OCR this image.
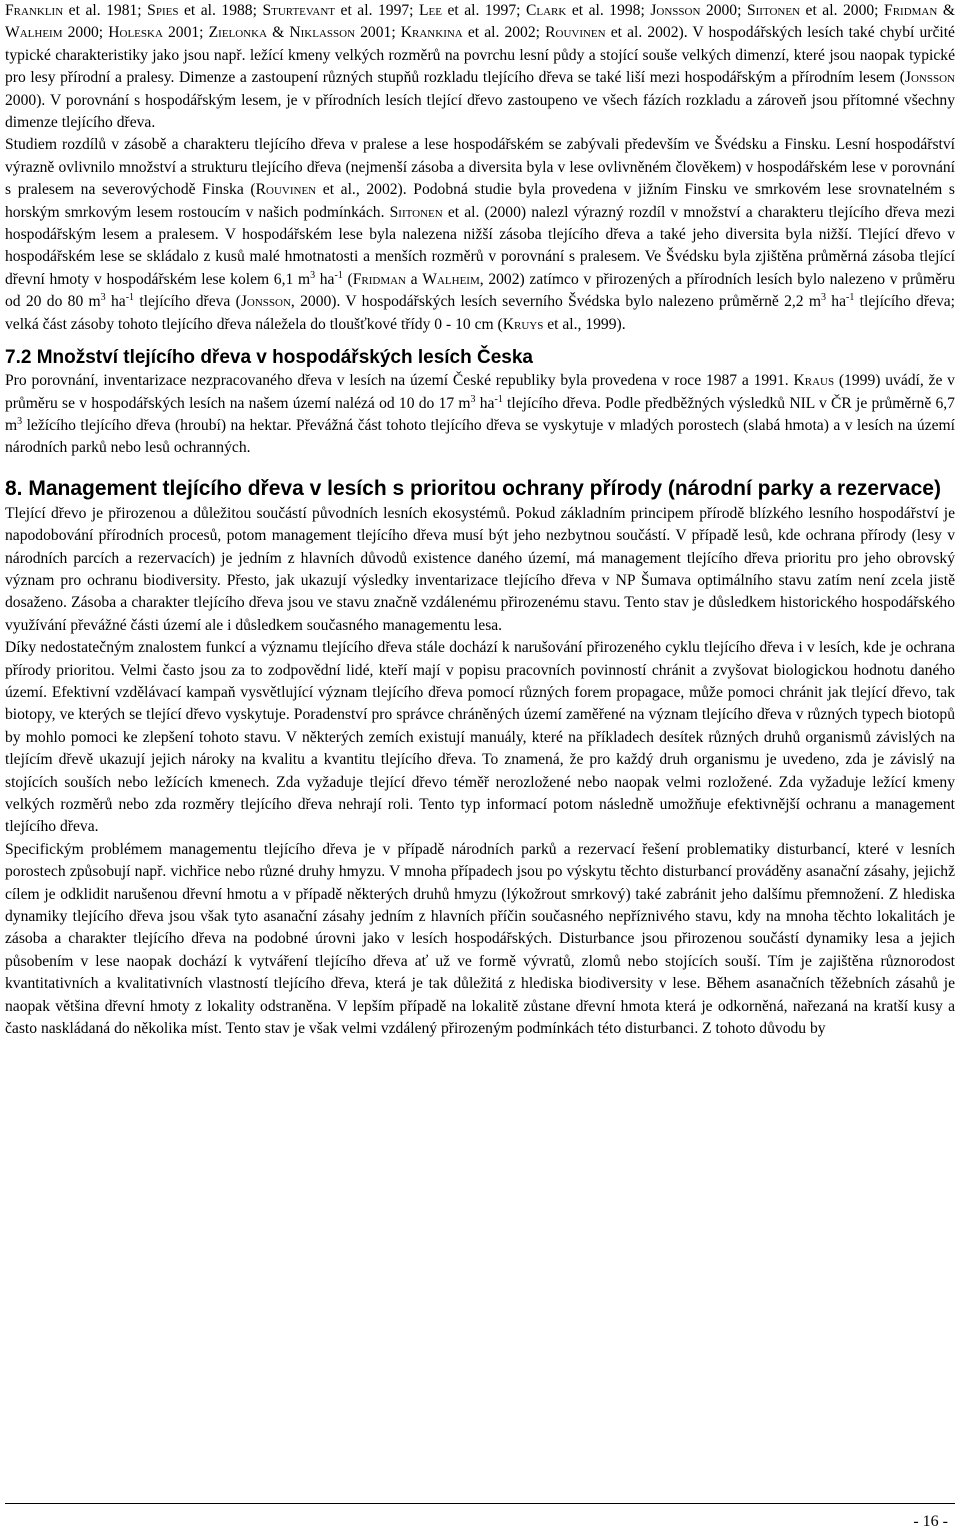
Franklin et al. 1981; Spies et al. 1988; Sturtevant et al. 1997; Lee et al. 1997; Clark et al. 1998; Jonsson 2000; Siitonen et al. 2000; Fridman & Walheim 2000; Holeska 2001; Zielonka & Niklasson 2001; Krankina et al. 2002; Rouvinen et al. 2002). V hospodářských lesích také chybí určité typické charakteristiky jako jsou např. ležící kmeny velkých rozměrů na povrchu lesní půdy a stojící souše velkých dimenzí, které jsou naopak typické pro lesy přírodní a pralesy. Dimenze a zastoupení různých stupňů rozkladu tlejícího dřeva se také liší mezi hospodářským a přírodním lesem (Jonsson 2000). V porovnání s hospodářským lesem, je v přírodních lesích tlející dřevo zastoupeno ve všech fázích rozkladu a zároveň jsou přítomné všechny dimenze tlejícího dřeva.

Studiem rozdílů v zásobě a charakteru tlejícího dřeva v pralese a lese hospodářském se zabývali především ve Švédsku a Finsku. Lesní hospodářství výrazně ovlivnilo množství a strukturu tlejícího dřeva (nejmenší zásoba a diversita byla v lese ovlivněném člověkem) v hospodářském lese v porovnání s pralesem na severovýchodě Finska (Rouvinen et al., 2002). Podobná studie byla provedena v jižním Finsku ve smrkovém lese srovnatelném s horským smrkovým lesem rostoucím v našich podmínkách. Siitonen et al. (2000) nalezl výrazný rozdíl v množství a charakteru tlejícího dřeva mezi hospodářským lesem a pralesem. V hospodářském lese byla nalezena nižší zásoba tlejícího dřeva a také jeho diversita byla nižší. Tlející dřevo v hospodářském lese se skládalo z kusů malé hmotnatosti a menších rozměrů v porovnání s pralesem. Ve Švédsku byla zjištěna průměrná zásoba tlející dřevní hmoty v hospodářském lese kolem 6,1 $m^3$ $ha^{-1}$ (Fridman a Walheim, 2002) zatímco v přirozených a přírodních lesích bylo nalezeno v průměru od 20 do 80 $m^3$ $ha^{-1}$ tlejícího dřeva (Jonsson, 2000). V hospodářských lesích severního Švédska bylo nalezeno průměrně 2,2 $m^3$ $ha^{-1}$ tlejícího dřeva; velká část zásoby tohoto tlejícího dřeva náležela do tloušťkové třídy 0 - 10 cm (Kruys et al., 1999).

7.2 Množství tlejícího dřeva v hospodářských lesích Česka

Pro porovnání, inventarizace nezpracovaného dřeva v lesích na území České republiky byla provedena v roce 1987 a 1991. Kraus (1999) uvádí, že v průměru se v hospodářských lesích na našem území nalézá od 10 do 17 $m^3$ $ha^{-1}$ tlejícího dřeva. Podle předběžných výsledků NIL v ČR je průměrně 6,7 $m^3$ ležícího tlejícího dřeva (hroubí) na hektar. Převážná část tohoto tlejícího dřeva se vyskytuje v mladých porostech (slabá hmota) a v lesích na území národních parků nebo lesů ochranných.

8. Management tlejícího dřeva v lesích s prioritou ochrany přírody (národní parky a rezervace)

Tlející dřevo je přirozenou a důležitou součástí původních lesních ekosystémů. Pokud základním principem přírodě blízkého lesního hospodářství je napodobování přírodních procesů, potom management tlejícího dřeva musí být jeho nezbytnou součástí. V případě lesů, kde ochrana přírody (lesy v národních parcích a rezervacích) je jedním z hlavních důvodů existence daného území, má management tlejícího dřeva prioritu pro jeho obrovský význam pro ochranu biodiversity. Přesto, jak ukazují výsledky inventarizace tlejícího dřeva v NP Šumava optimálního stavu zatím není zcela jistě dosaženo. Zásoba a charakter tlejícího dřeva jsou ve stavu značně vzdálenému přirozenému stavu. Tento stav je důsledkem historického hospodářského využívání převážné části území ale i důsledkem současného managementu lesa.

Díky nedostatečným znalostem funkcí a významu tlejícího dřeva stále dochází k narušování přirozeného cyklu tlejícího dřeva i v lesích, kde je ochrana přírody prioritou. Velmi často jsou za to zodpovědní lidé, kteří mají v popisu pracovních povinností chránit a zvyšovat biologickou hodnotu daného území. Efektivní vzdělávací kampaň vysvětlující význam tlejícího dřeva pomocí různých forem propagace, může pomoci chránit jak tlející dřevo, tak biotopy, ve kterých se tlející dřevo vyskytuje. Poradenství pro správce chráněných území zaměřené na význam tlejícího dřeva v různých typech biotopů by mohlo pomoci ke zlepšení tohoto stavu. V některých zemích existují manuály, které na příkladech desítek různých druhů organismů závislých na tlejícím dřevě ukazují jejich nároky na kvalitu a kvantitu tlejícího dřeva. To znamená, že pro každý druh organismu je uvedeno, zda je závislý na stojících souších nebo ležících kmenech. Zda vyžaduje tlející dřevo téměř nerozložené nebo naopak velmi rozložené. Zda vyžaduje ležící kmeny velkých rozměrů nebo zda rozměry tlejícího dřeva nehrají roli. Tento typ informací potom následně umožňuje efektivnější ochranu a management tlejícího dřeva.

Specifickým problémem managementu tlejícího dřeva je v případě národních parků a rezervací řešení problematiky disturbancí, které v lesních porostech způsobují např. vichřice nebo různé druhy hmyzu. V mnoha případech jsou po výskytu těchto disturbancí prováděny asanační zásahy, jejichž cílem je odklidit narušenou dřevní hmotu a v případě některých druhů hmyzu (lýkožrout smrkový) také zabránit jeho dalšímu přemnožení. Z hlediska dynamiky tlejícího dřeva jsou však tyto asanační zásahy jedním z hlavních příčin současného nepříznivého stavu, kdy na mnoha těchto lokalitách je zásoba a charakter tlejícího dřeva na podobné úrovni jako v lesích hospodářských. Disturbance jsou přirozenou součástí dynamiky lesa a jejich působením v lese naopak dochází k vytváření tlejícího dřeva ať už ve formě vývratů, zlomů nebo stojících souší. Tím je zajištěna různorodost kvantitativních a kvalitativních vlastností tlejícího dřeva, která je tak důležitá z hlediska biodiversity v lese. Během asanačních těžebních zásahů je naopak většina dřevní hmoty z lokality odstraněna. V lepším případě na lokalitě zůstane dřevní hmota která je odkorněná, nařezaná na kratší kusy a často naskládaná do několika míst. Tento stav je však velmi vzdálený přirozeným podmínkách této disturbanci. Z tohoto důvodu by

- 16 -
